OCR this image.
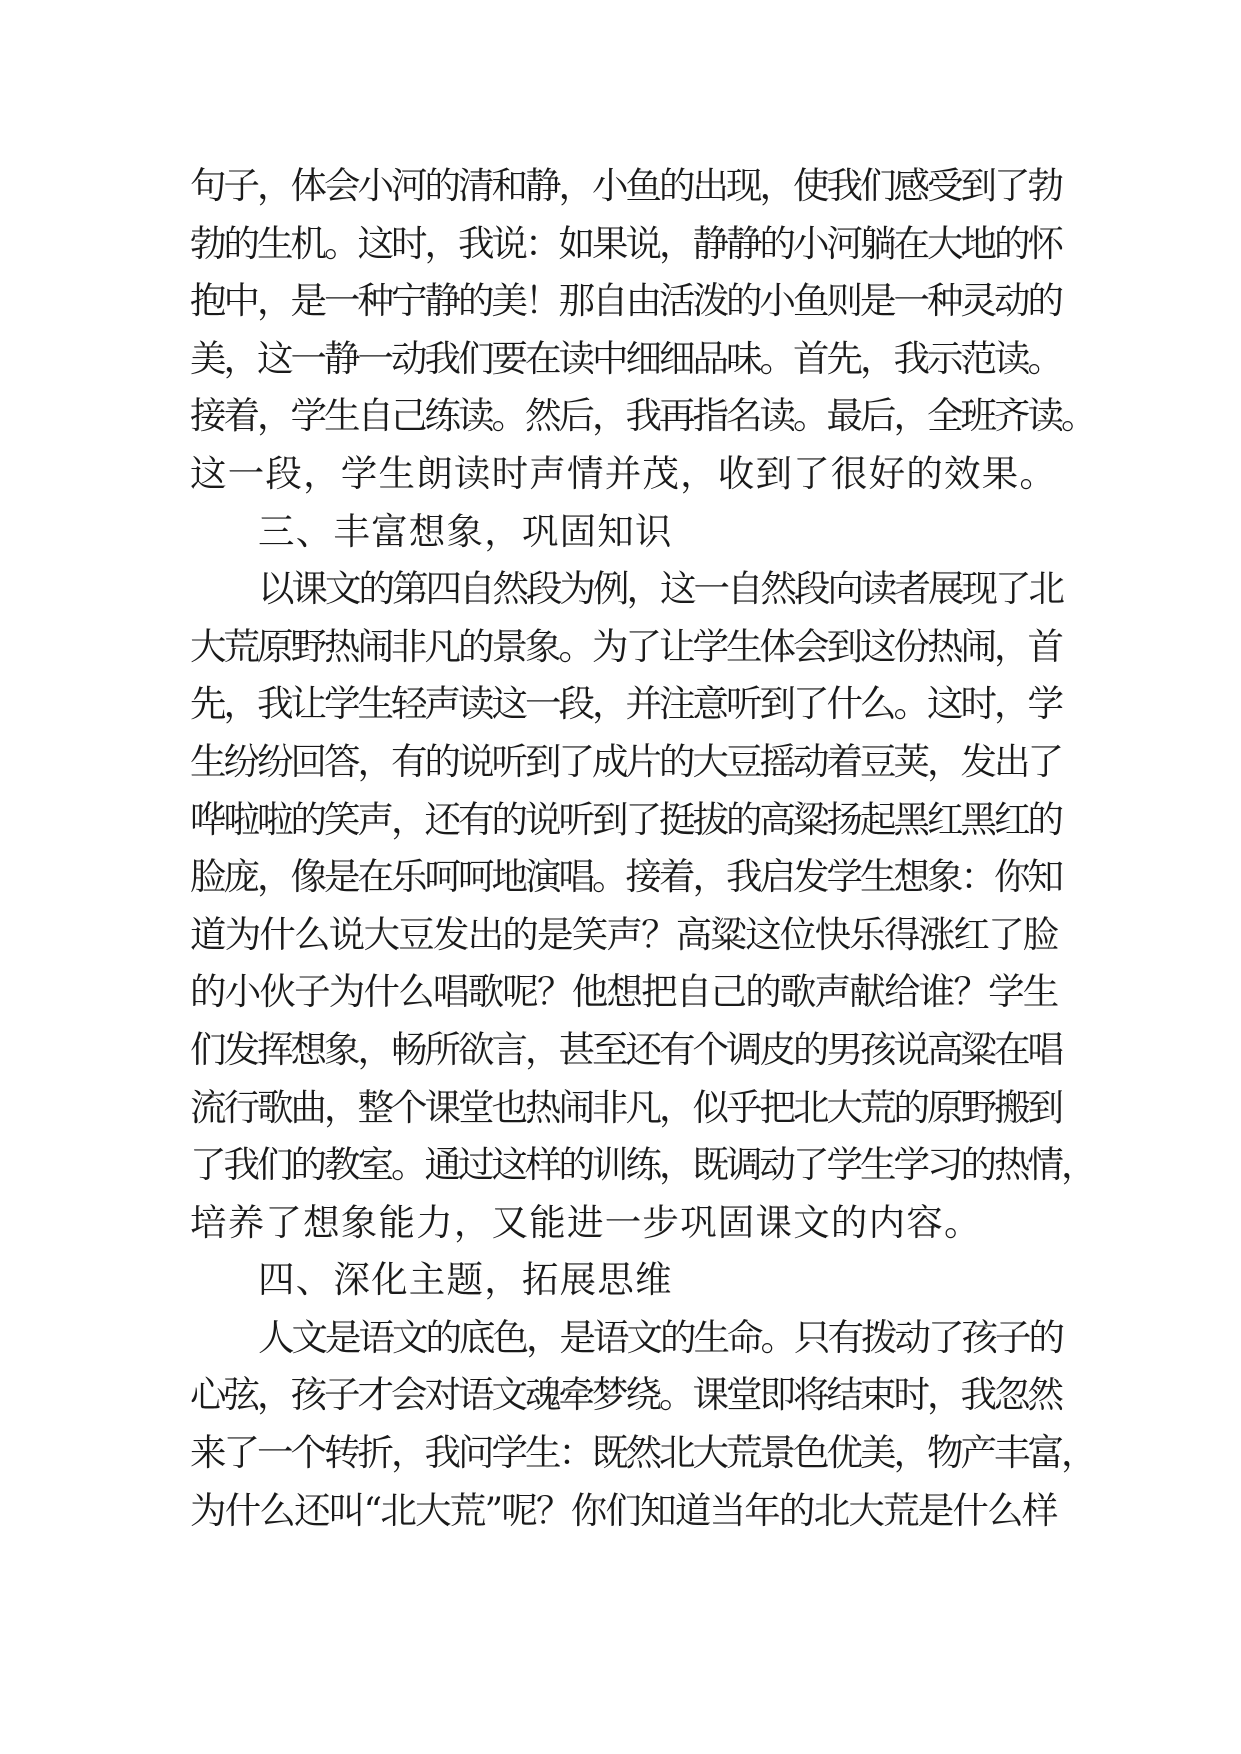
句子，体会小河的清和静，小鱼的出现，使我们感受到了勃
勃的生机。这时，我说：如果说，静静的小河躺在大地的怀
抱中，是一种宁静的美！那自由活泼的小鱼则是一种灵动的
美，这一静一动我们要在读中细细品味。首先，我示范读。
接着，学生自己练读。然后，我再指名读。最后，全班齐读。
这一段，学生朗读时声情并茂，收到了很好的效果。
三、丰富想象，巩固知识
以课文的第四自然段为例，这一自然段向读者展现了北
大荒原野热闹非凡的景象。为了让学生体会到这份热闹，首
先，我让学生轻声读这一段，并注意听到了什么。这时，学
生纷纷回答，有的说听到了成片的大豆摇动着豆荚，发出了
哗啦啦的笑声，还有的说听到了挺拔的高粱扬起黑红黑红的
脸庞，像是在乐呵呵地演唱。接着，我启发学生想象：你知
道为什么说大豆发出的是笑声？高粱这位快乐得涨红了脸
的小伙子为什么唱歌呢？他想把自己的歌声献给谁？学生
们发挥想象，畅所欲言，甚至还有个调皮的男孩说高粱在唱
流行歌曲，整个课堂也热闹非凡，似乎把北大荒的原野搬到
了我们的教室。通过这样的训练，既调动了学生学习的热情，
培养了想象能力，又能进一步巩固课文的内容。
四、深化主题，拓展思维
人文是语文的底色，是语文的生命。只有拨动了孩子的
心弦，孩子才会对语文魂牵梦绕。课堂即将结束时，我忽然
来了一个转折，我问学生：既然北大荒景色优美，物产丰富，
为什么还叫“北大荒”呢？你们知道当年的北大荒是什么样
